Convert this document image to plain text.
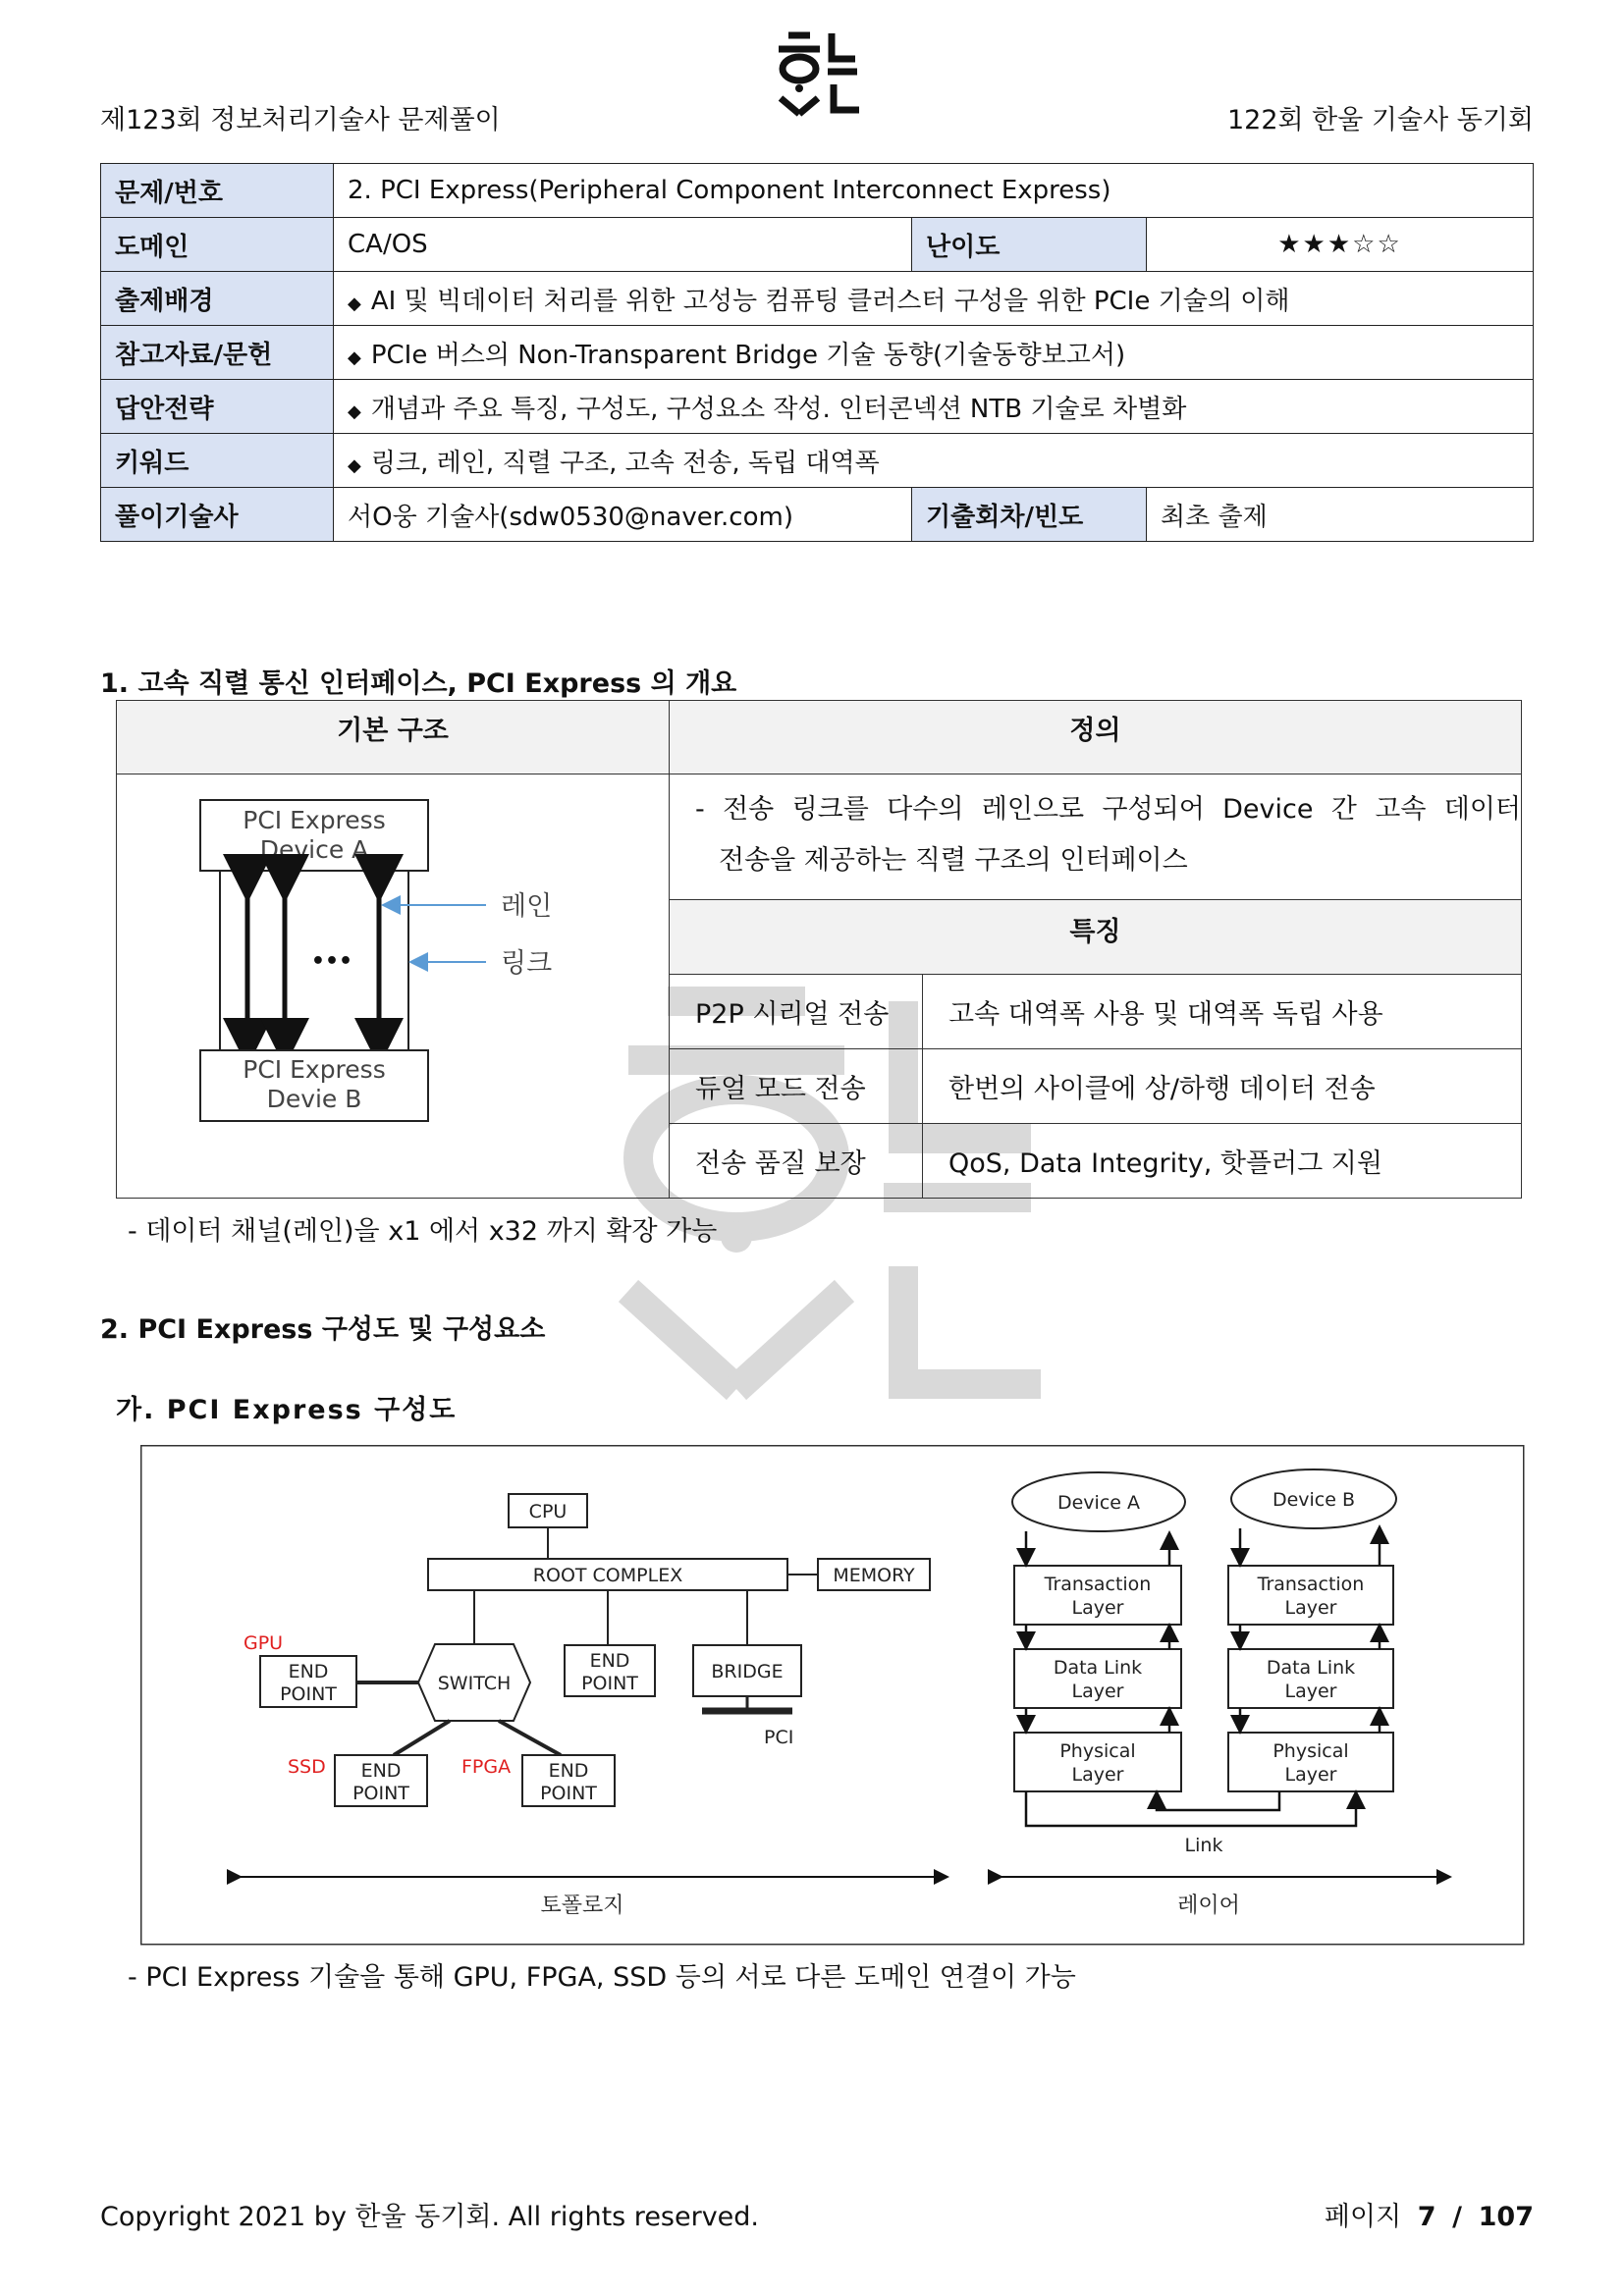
제123회 정보처리기술사 문제풀이	122회 한울 기술사 동기회
문제/번호	2. PCI Express(Peripheral Component Interconnect Express)		
도메인	CA/OS	난이도	★★★☆☆
출제배경	◆ AI 및 빅데이터 처리를 위한 고성능 컴퓨팅 클러스터 구성을 위한 PCIe 기술의 이해		
참고자료/문헌	◆ PCIe 버스의 Non-Transparent Bridge 기술 동향(기술동향보고서)		
답안전략	◆ 개념과 주요 특징, 구성도, 구성요소 작성. 인터콘넥션 NTB 기술로 차별화		
키워드	◆ 링크, 레인, 직렬 구조, 고속 전송, 독립 대역폭		
풀이기술사	서O웅 기술사(sdw0530@naver.com)	기출회차/빈도	최초 출제
1. 고속 직렬 통신 인터페이스, PCI Express 의 개요
기본 구조	정의	

	- 전송 링크를 다수의 레인으로 구성되어 Device 간 고속 데이터
전송을 제공하는 직렬 구조의 인터페이스	

	특징	
	P2P 시리얼 전송	고속 대역폭 사용 및 대역폭 독립 사용
	듀얼 모드 전송	한번의 사이클에 상/하행 데이터 전송
	전송 품질 보장	QoS, Data Integrity, 핫플러그 지원
PCI Express
Device A
•••
PCI Express
Devie B
레인
링크
- 데이터 채널(레인)을 x1 에서 x32 까지 확장 가능
2. PCI Express 구성도 및 구성요소
가. PCI Express 구성도
CPU
ROOT COMPLEX	MEMORY
SWITCH
GPU
END
POINT
END
POINT
BRIDGE
PCI
SSD END
POINT
FPGA END
POINT
토폴로지
Device A	Device B
Transaction
Layer
Data Link
Layer
Physical
Layer
Transaction
Layer
Data Link
Layer
Physical
Layer
Link
레이어
- PCI Express 기술을 통해 GPU, FPGA, SSD 등의 서로 다른 도메인 연결이 가능
Copyright 2021 by 한울 동기회. All rights reserved.	페이지 7 / 107
